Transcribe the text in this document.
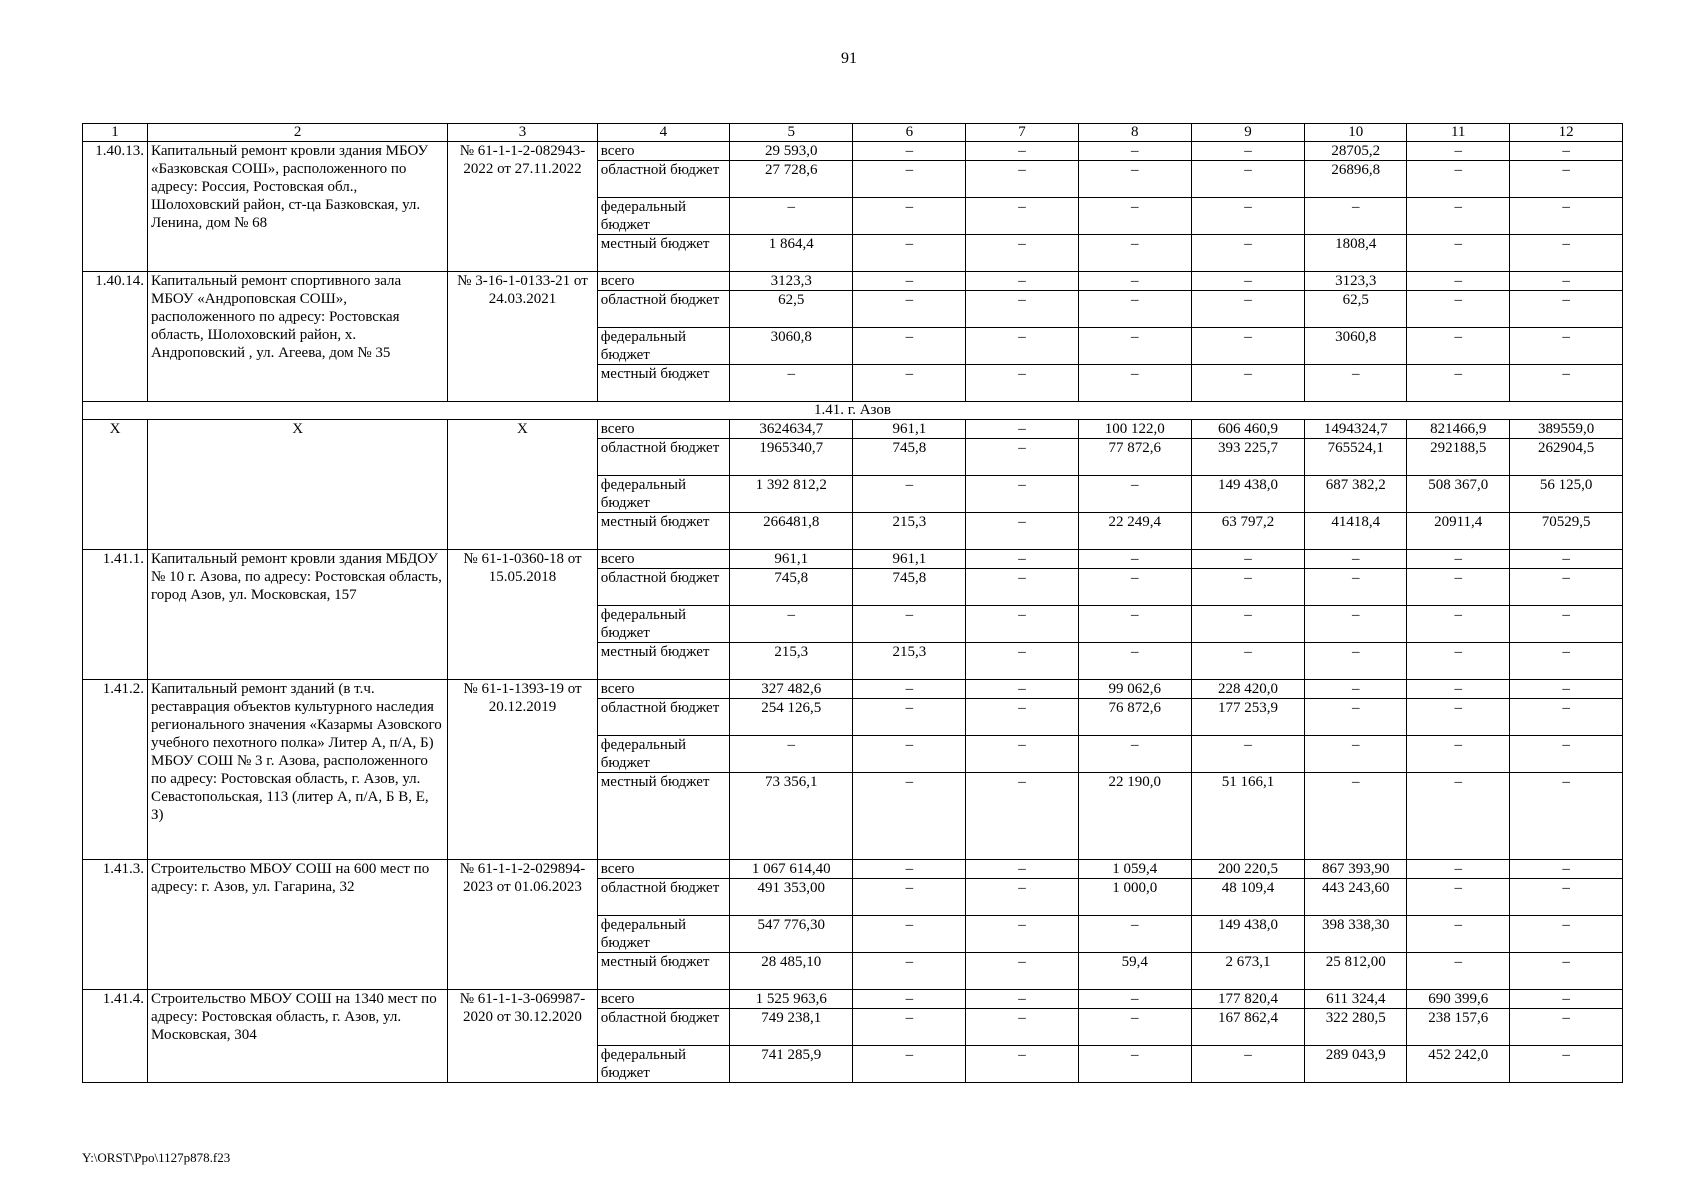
91
1	2	3	4	5	6	7	8	9	10	11	12
1.40.13.	Капитальный ремонт кровли здания МБОУ «Базковская СОШ», расположенного по адресу: Россия, Ростовская обл., Шолоховский район, ст-ца Базковская, ул. Ленина, дом № 68	№ 61-1-1-2-082943-2022 от 27.11.2022	всего	29 593,0	–	–	–	–	28705,2	–	–
			областной бюджет	27 728,6	–	–	–	–	26896,8	–	–
			федеральный бюджет	–	–	–	–	–	–	–	–
			местный бюджет	1 864,4	–	–	–	–	1808,4	–	–
1.40.14.	Капитальный ремонт спортивного зала МБОУ «Андроповская СОШ», расположенного по адресу: Ростовская область, Шолоховский район, х. Андроповский , ул. Агеева, дом № 35	№ 3-16-1-0133-21 от 24.03.2021	всего	3123,3	–	–	–	–	3123,3	–	–
			областной бюджет	62,5	–	–	–	–	62,5	–	–
			федеральный бюджет	3060,8	–	–	–	–	3060,8	–	–
			местный бюджет	–	–	–	–	–	–	–	–
1.41. г. Азов											
X	X	X	всего	3624634,7	961,1	–	100 122,0	606 460,9	1494324,7	821466,9	389559,0
			областной бюджет	1965340,7	745,8	–	77 872,6	393 225,7	765524,1	292188,5	262904,5
			федеральный бюджет	1 392 812,2	–	–	–	149 438,0	687 382,2	508 367,0	56 125,0
			местный бюджет	266481,8	215,3	–	22 249,4	63 797,2	41418,4	20911,4	70529,5
1.41.1.	Капитальный ремонт кровли здания МБДОУ № 10 г. Азова, по адресу: Ростовская область, город Азов, ул. Московская, 157	№ 61-1-0360-18 от 15.05.2018	всего	961,1	961,1	–	–	–	–	–	–
			областной бюджет	745,8	745,8	–	–	–	–	–	–
			федеральный бюджет	–	–	–	–	–	–	–	–
			местный бюджет	215,3	215,3	–	–	–	–	–	–
1.41.2.	Капитальный ремонт зданий (в т.ч. реставрация объектов культурного наследия регионального значения «Казармы Азовского учебного пехотного полка» Литер А, п/А, Б) МБОУ СОШ № 3 г. Азова, расположенного по адресу: Ростовская область, г. Азов, ул. Севастопольская, 113 (литер А, п/А, Б В, Е, З)	№ 61-1-1393-19 от 20.12.2019	всего	327 482,6	–	–	99 062,6	228 420,0	–	–	–
			областной бюджет	254 126,5	–	–	76 872,6	177 253,9	–	–	–
			федеральный бюджет	–	–	–	–	–	–	–	–
			местный бюджет	73 356,1	–	–	22 190,0	51 166,1	–	–	–
1.41.3.	Строительство МБОУ СОШ на 600 мест по адресу: г. Азов, ул. Гагарина, 32	№ 61-1-1-2-029894-2023 от 01.06.2023	всего	1 067 614,40	–	–	1 059,4	200 220,5	867 393,90	–	–
			областной бюджет	491 353,00	–	–	1 000,0	48 109,4	443 243,60	–	–
			федеральный бюджет	547 776,30	–	–	–	149 438,0	398 338,30	–	–
			местный бюджет	28 485,10	–	–	59,4	2 673,1	25 812,00	–	–
1.41.4.	Строительство МБОУ СОШ на 1340 мест по адресу: Ростовская область, г. Азов, ул. Московская, 304	№ 61-1-1-3-069987-2020 от 30.12.2020	всего	1 525 963,6	–	–	–	177 820,4	611 324,4	690 399,6	–
			областной бюджет	749 238,1	–	–	–	167 862,4	322 280,5	238 157,6	–
			федеральный бюджет	741 285,9	–	–	–	–	289 043,9	452 242,0	–
Y:\ORST\Ppo\1127p878.f23
